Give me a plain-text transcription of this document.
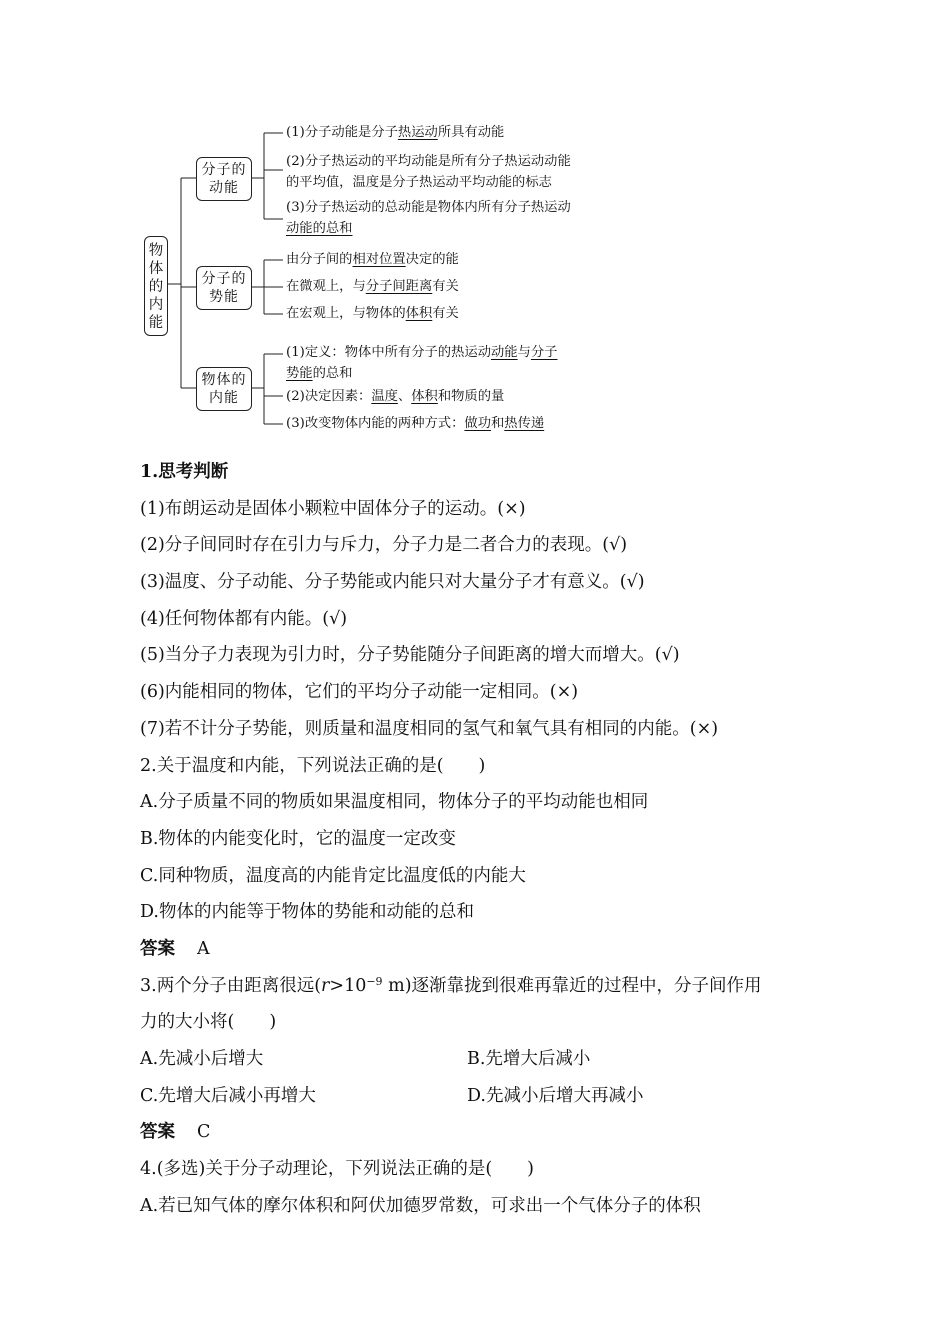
物
体
的
内
能
分子的
动能
分子的
势能
物体的
内能
(1)分子动能是分子热运动所具有动能
(2)分子热运动的平均动能是所有分子热运动动能
的平均值，温度是分子热运动平均动能的标志
(3)分子热运动的总动能是物体内所有分子热运动
动能的总和
由分子间的相对位置决定的能
在微观上，与分子间距离有关
在宏观上，与物体的体积有关
(1)定义：物体中所有分子的热运动动能与分子
势能的总和
(2)决定因素：温度、体积和物质的量
(3)改变物体内能的两种方式：做功和热传递
1.思考判断
(1)布朗运动是固体小颗粒中固体分子的运动。(×)
(2)分子间同时存在引力与斥力，分子力是二者合力的表现。(√)
(3)温度、分子动能、分子势能或内能只对大量分子才有意义。(√)
(4)任何物体都有内能。(√)
(5)当分子力表现为引力时，分子势能随分子间距离的增大而增大。(√)
(6)内能相同的物体，它们的平均分子动能一定相同。(×)
(7)若不计分子势能，则质量和温度相同的氢气和氧气具有相同的内能。(×)
2.关于温度和内能，下列说法正确的是(　　)
A.分子质量不同的物质如果温度相同，物体分子的平均动能也相同
B.物体的内能变化时，它的温度一定改变
C.同种物质，温度高的内能肯定比温度低的内能大
D.物体的内能等于物体的势能和动能的总和
答案 A
3.两个分子由距离很远($r>10^{-9}$ m)逐渐靠拢到很难再靠近的过程中，分子间作用
力的大小将(　　)
A.先减小后增大	B.先增大后减小
C.先增大后减小再增大	D.先减小后增大再减小
答案 C
4.(多选)关于分子动理论，下列说法正确的是(　　)
A.若已知气体的摩尔体积和阿伏加德罗常数，可求出一个气体分子的体积
